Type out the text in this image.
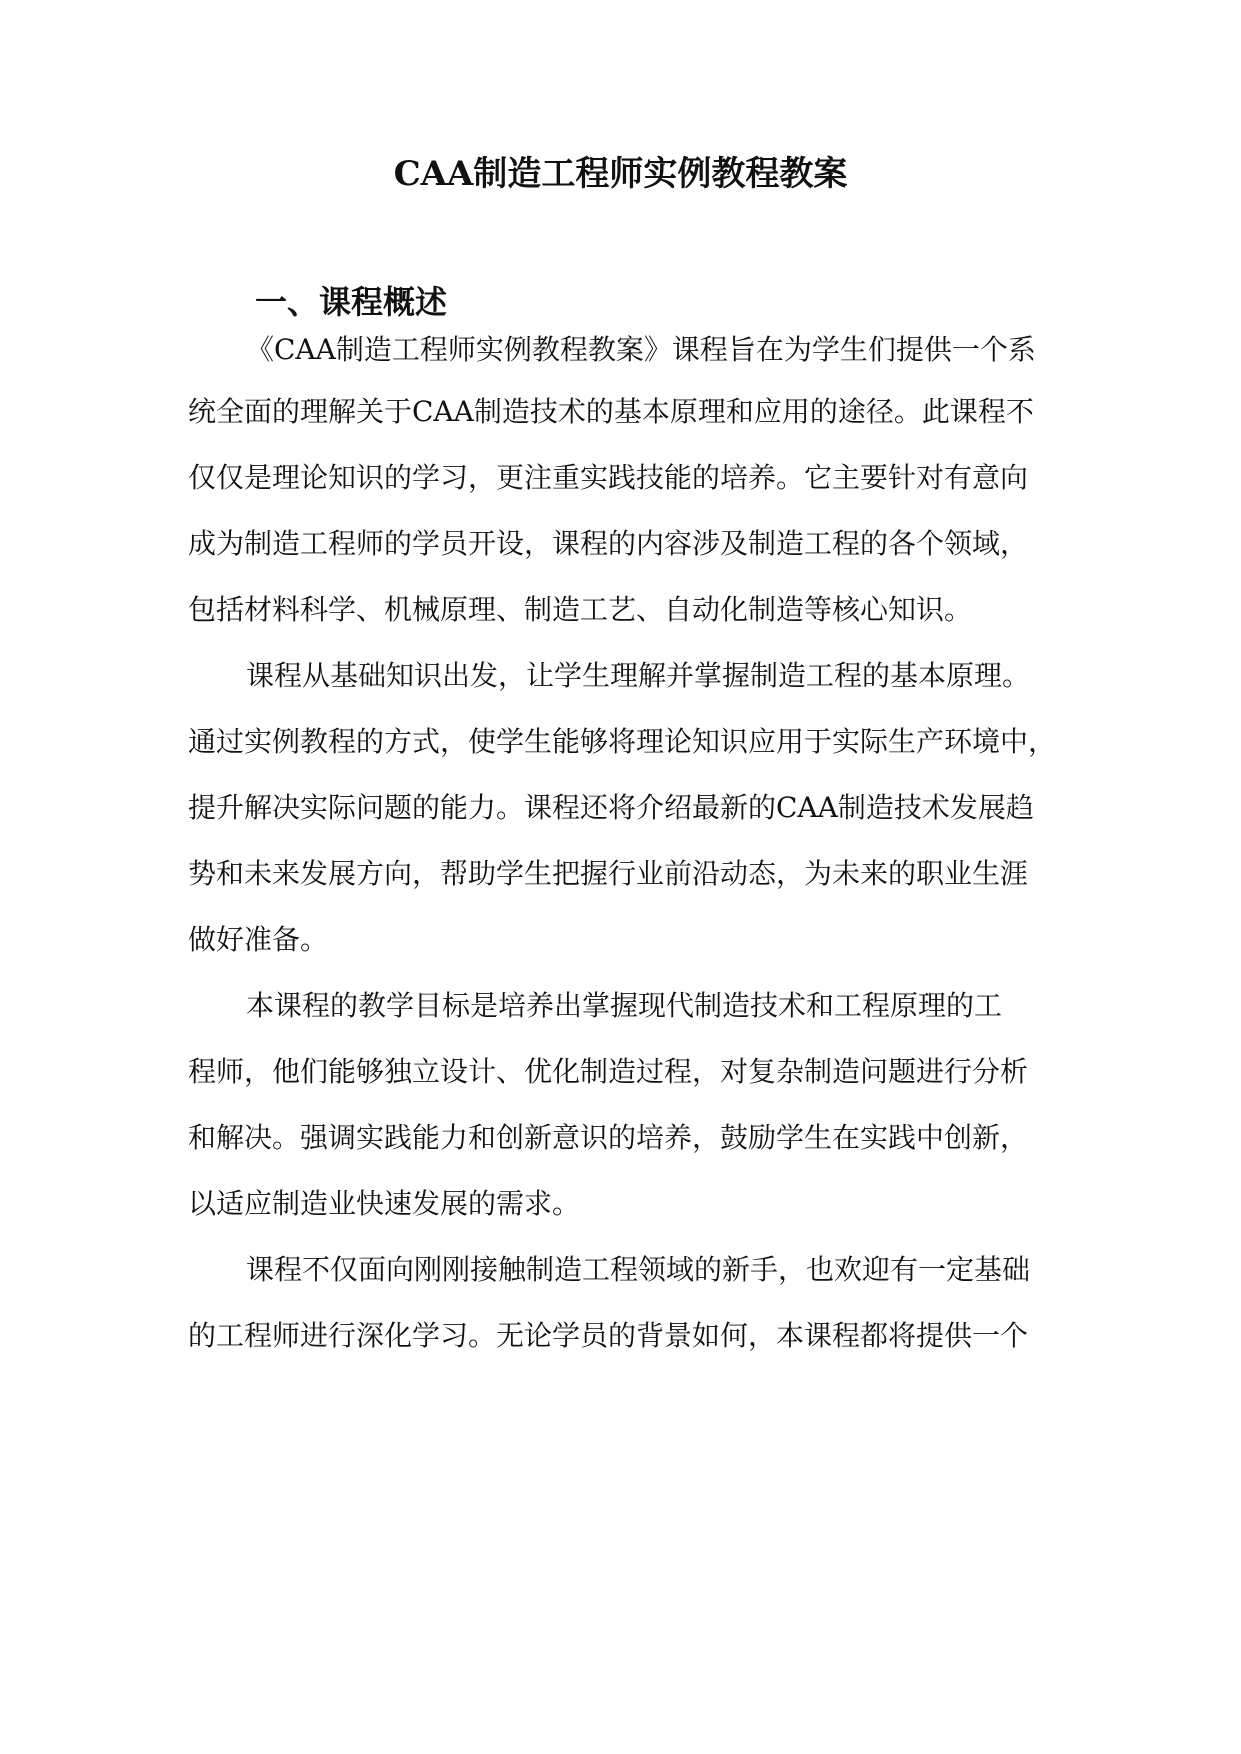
CAA制造工程师实例教程教案
一、课程概述

《CAA制造工程师实例教程教案》课程旨在为学生们提供一个系

统全面的理解关于CAA制造技术的基本原理和应用的途径。此课程不

仅仅是理论知识的学习，更注重实践技能的培养。它主要针对有意向

成为制造工程师的学员开设，课程的内容涉及制造工程的各个领域，

包括材料科学、机械原理、制造工艺、自动化制造等核心知识。

课程从基础知识出发，让学生理解并掌握制造工程的基本原理。

通过实例教程的方式，使学生能够将理论知识应用于实际生产环境中，

提升解决实际问题的能力。课程还将介绍最新的CAA制造技术发展趋

势和未来发展方向，帮助学生把握行业前沿动态，为未来的职业生涯

做好准备。

本课程的教学目标是培养出掌握现代制造技术和工程原理的工

程师，他们能够独立设计、优化制造过程，对复杂制造问题进行分析

和解决。强调实践能力和创新意识的培养，鼓励学生在实践中创新，

以适应制造业快速发展的需求。

课程不仅面向刚刚接触制造工程领域的新手，也欢迎有一定基础

的工程师进行深化学习。无论学员的背景如何，本课程都将提供一个
